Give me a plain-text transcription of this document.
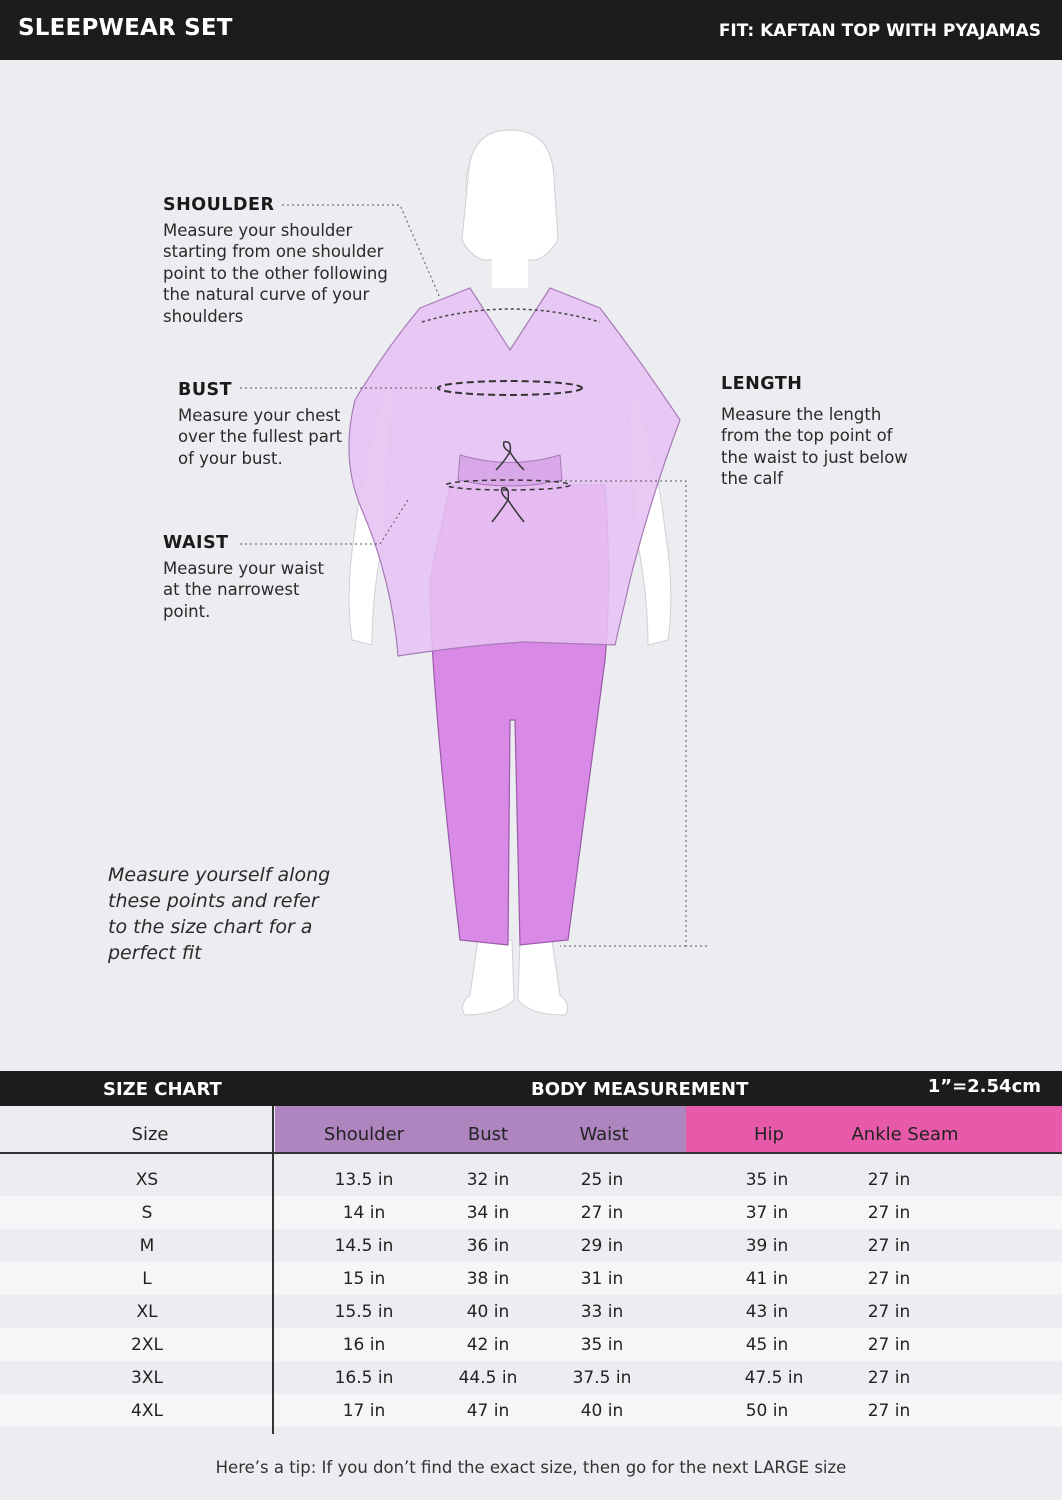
SLEEPWEAR SET	FIT: KAFTAN TOP WITH PYAJAMAS
SHOULDER
Measure your shoulder
starting from one shoulder
point to the other following
the natural curve of your
shoulders
BUST
Measure your chest
over the fullest part
of your bust.
WAIST
Measure your waist
at the narrowest
point.
LENGTH
Measure the length
from the top point of
the waist to just below
the calf
Measure yourself along
these points and refer
to the size chart for a
perfect fit
SIZE CHART	BODY MEASUREMENT	1”=2.54cm
Size	Shoulder	Bust	Waist	Hip	Ankle Seam
XS	13.5 in	32 in	25 in	35 in	27 in
S	14 in	34 in	27 in	37 in	27 in
M	14.5 in	36 in	29 in	39 in	27 in
L	15 in	38 in	31 in	41 in	27 in
XL	15.5 in	40 in	33 in	43 in	27 in
2XL	16 in	42 in	35 in	45 in	27 in
3XL	16.5 in	44.5 in	37.5 in	47.5 in	27 in
4XL	17 in	47 in	40 in	50 in	27 in
Here’s a tip: If you don’t find the exact size, then go for the next LARGE size
